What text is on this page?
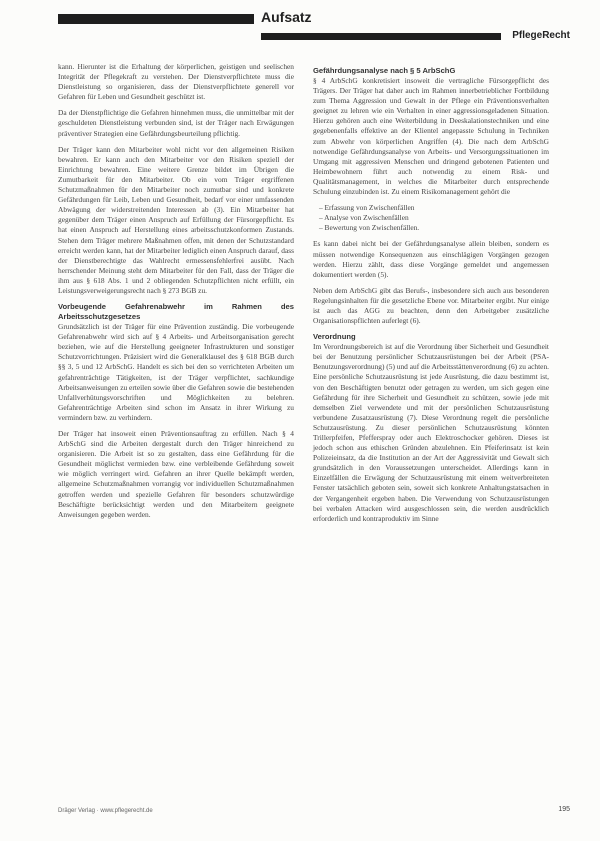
Aufsatz
PflegeRecht

kann. Hierunter ist die Erhaltung der körperlichen, geistigen und seelischen Integrität der Pflegekraft zu verstehen. Der Dienstverpflichtete muss die Dienstleistung so organisieren, dass der Dienstverpflichtete generell vor Gefahren für Leben und Gesundheit geschützt ist.

Da der Dienstpflichtige die Gefahren hinnehmen muss, die unmittelbar mit der geschuldeten Dienstleistung verbunden sind, ist der Träger nach Erwägungen präventiver Strategien eine Gefährdungsbeurteilung pflichtig.

Der Träger kann den Mitarbeiter wohl nicht vor den allgemeinen Risiken bewahren. Er kann auch den Mitarbeiter vor den Risiken speziell der Einrichtung bewahren. Eine weitere Grenze bildet im Übrigen die Zumutbarkeit für den Mitarbeiter. Ob ein vom Träger ergriffenen Schutzmaßnahmen für den Mitarbeiter noch zumutbar sind und konkrete Gefährdungen für Leib, Leben und Gesundheit, bedarf vor einer umfassenden Abwägung der widerstreitenden Interessen ab (3). Ein Mitarbeiter hat gegenüber dem Träger einen Anspruch auf Erfüllung der Fürsorgepflicht. Es hat einen Anspruch auf Herstellung eines arbeitsschutzkonformen Zustands. Stehen dem Träger mehrere Maßnahmen offen, mit denen der Schutzstandard erreicht werden kann, hat der Mitarbeiter lediglich einen Anspruch darauf, dass der Dienstberechtigte das Wahlrecht ermessensfehlerfrei ausübt. Nach herrschender Meinung steht dem Mitarbeiter für den Fall, dass der Träger die ihm aus § 618 Abs. 1 und 2 obliegenden Schutzpflichten nicht erfüllt, ein Leistungsverweigerungsrecht nach § 273 BGB zu.

Vorbeugende Gefahrenabwehr im Rahmen des Arbeitsschutzgesetzes

Grundsätzlich ist der Träger für eine Prävention zuständig. Die vorbeugende Gefahrenabwehr wird sich auf § 4 Arbeits- und Arbeitsorganisation gerecht beziehen, wie auf die Herstellung geeigneter Infrastrukturen und sonstiger Schutzvorrichtungen. Präzisiert wird die Generalklausel des § 618 BGB durch §§ 3, 5 und 12 ArbSchG. Handelt es sich bei den so verrichteten Arbeiten um gefahrenträchtige Tätigkeiten, ist der Träger verpflichtet, sachkundige Arbeitsanweisungen zu erteilen sowie über die Gefahren sowie die bestehenden Unfallverhütungsvorschriften und Möglichkeiten zu belehren. Gefahrenträchtige Arbeiten sind schon im Ansatz in ihrer Wirkung zu vermindern bzw. zu verhindern.

Der Träger hat insoweit einen Präventionsauftrag zu erfüllen. Nach § 4 ArbSchG sind die Arbeiten dergestalt durch den Träger hinreichend zu organisieren. Die Arbeit ist so zu gestalten, dass eine Gefährdung für die Gesundheit möglichst vermieden bzw. eine verbleibende Gefährdung soweit wie möglich verringert wird. Gefahren an ihrer Quelle bekämpft werden, allgemeine Schutzmaßnahmen vorrangig vor individuellen Schutzmaßnahmen getroffen werden und spezielle Gefahren für besonders schutzwürdige Beschäftigte berücksichtigt werden und den Mitarbeitern geeignete Anweisungen gegeben werden.

Gefährdungsanalyse nach § 5 ArbSchG

§ 4 ArbSchG konkretisiert insoweit die vertragliche Fürsorgepflicht des Trägers. Der Träger hat daher auch im Rahmen innerbetrieblicher Fortbildung zum Thema Aggression und Gewalt in der Pflege ein Präventionsverhalten geeignet zu lehren wie ein Verhalten in einer aggressionsgeladenen Situation. Hierzu gehören auch eine Weiterbildung in Deeskalationstechniken und eine gegebenenfalls effektive an der Klientel angepasste Schulung in Techniken zum Abwehr von körperlichen Angriffen (4). Die nach dem ArbSchG notwendige Gefährdungsanalyse von Arbeits- und Versorgungssituationen im Umgang mit aggressiven Menschen und dringend gebotenen Patienten und Heimbewohnern führt auch notwendig zu einem Risk- und Qualitätsmanagement, in welches die Mitarbeiter durch entsprechende Schulung einzubinden ist. Zu einem Risikomanagement gehört die

– Erfassung von Zwischenfällen
– Analyse von Zwischenfällen
– Bewertung von Zwischenfällen.

Es kann dabei nicht bei der Gefährdungsanalyse allein bleiben, sondern es müssen notwendige Konsequenzen aus einschlägigen Vorgängen gezogen werden. Hierzu zählt, dass diese Vorgänge gemeldet und angemessen dokumentiert werden (5).

Neben dem ArbSchG gibt das Berufs-, insbesondere sich auch aus besonderen Regelungsinhalten für die gesetzliche Ebene vor. Mitarbeiter ergibt. Nur einige ist auch das AGG zu beachten, denn den Arbeitgeber zusätzliche Organisationspflichten auferlegt (6).

Verordnung

Im Verordnungsbereich ist auf die Verordnung über Sicherheit und Gesundheit bei der Benutzung persönlicher Schutzausrüstungen bei der Arbeit (PSA-Benutzungsverordnung) (5) und auf die Arbeitsstättenverordnung (6) zu achten. Eine persönliche Schutzausrüstung ist jede Ausrüstung, die dazu bestimmt ist, von den Beschäftigten benutzt oder getragen zu werden, um sich gegen eine Gefährdung für ihre Sicherheit und Gesundheit zu schützen, sowie jede mit demselben Ziel verwendete und mit der persönlichen Schutzausrüstung verbundene Zusatzausrüstung (7). Diese Verordnung regelt die persönliche Schutzausrüstung. Zu dieser persönlichen Schutzausrüstung könnten Trillerpfeifen, Pfefferspray oder auch Elektroschocker gehören. Dieses ist jedoch schon aus ethischen Gründen abzulehnen. Ein Pfeiferinsatz ist kein Polizeieinsatz, da die Institution an der Art der Aggressivität und Gewalt sich grundsätzlich in den Voraussetzungen unterscheidet. Allerdings kann in Einzelfällen die Erwägung der Schutzausrüstung mit einem weitverbreiteten Fenster tatsächlich geboten sein, soweit sich konkrete Anhaltungstatsachen in der Vergangenheit ergeben haben. Die Verwendung von Schutzausrüstungen bei verbalen Attacken wird ausgeschlossen sein, die werden ausdrücklich erforderlich und kontraproduktiv im Sinne

Dräger Verlag · www.pflegerecht.de	195
